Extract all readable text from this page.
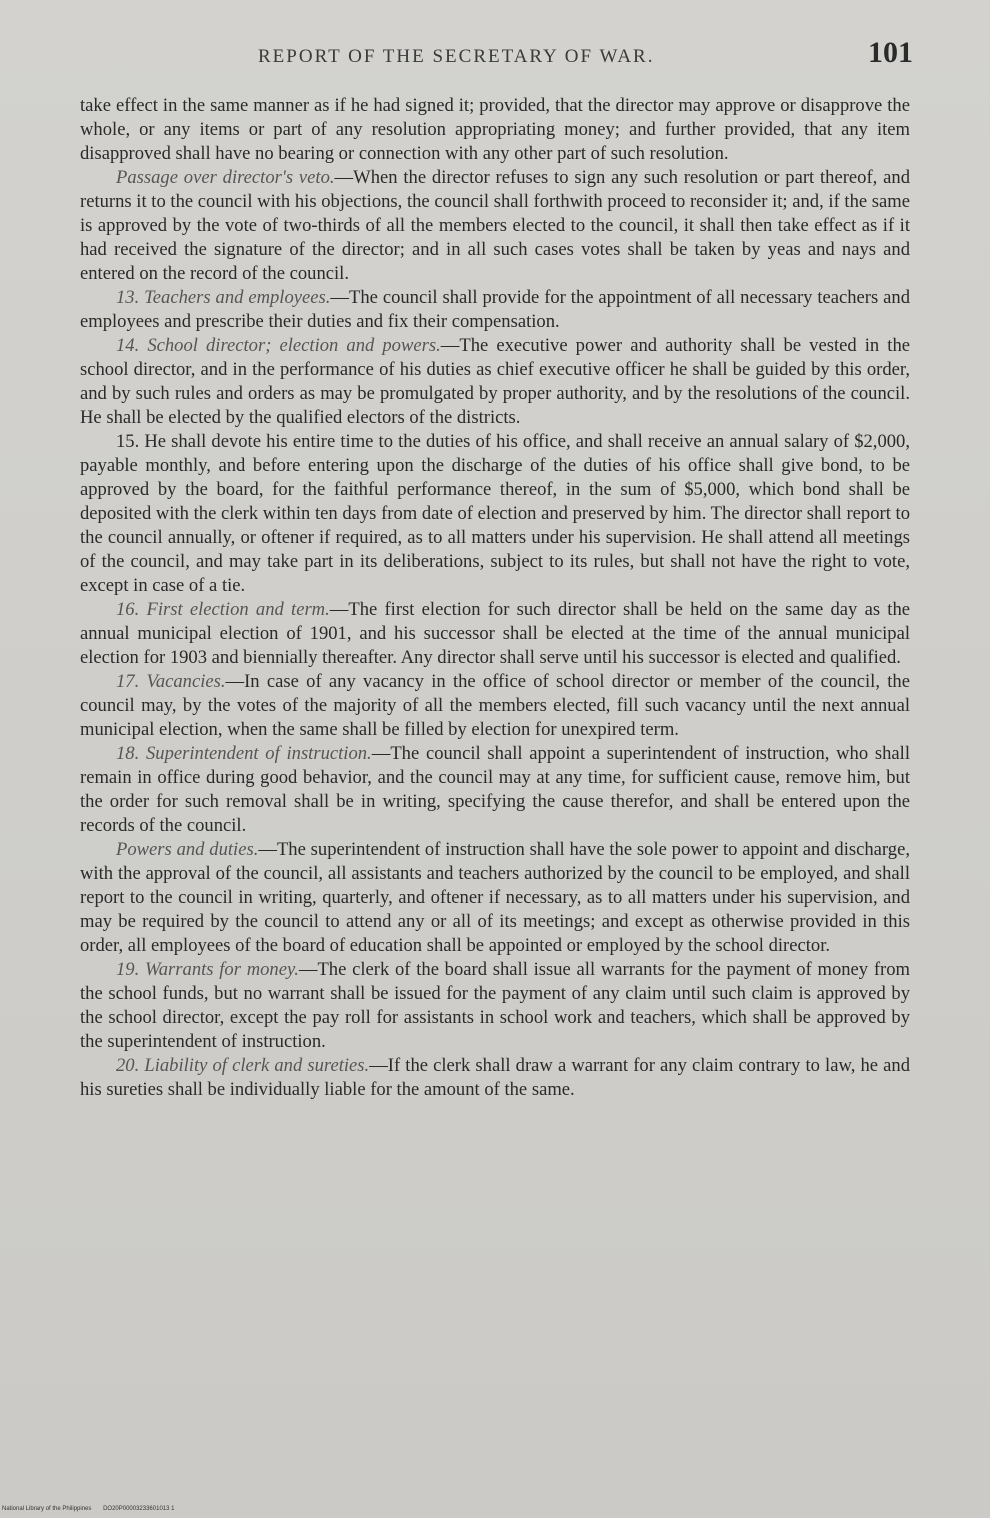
REPORT OF THE SECRETARY OF WAR.	101

take effect in the same manner as if he had signed it; provided, that the director may approve or disapprove the whole, or any items or part of any resolution appropriating money; and further provided, that any item disapproved shall have no bearing or connection with any other part of such resolution.

Passage over director's veto.—When the director refuses to sign any such resolution or part thereof, and returns it to the council with his objections, the council shall forthwith proceed to reconsider it; and, if the same is approved by the vote of two-thirds of all the members elected to the council, it shall then take effect as if it had received the signature of the director; and in all such cases votes shall be taken by yeas and nays and entered on the record of the council.

13. Teachers and employees.—The council shall provide for the appointment of all necessary teachers and employees and prescribe their duties and fix their compensation.

14. School director; election and powers.—The executive power and authority shall be vested in the school director, and in the performance of his duties as chief executive officer he shall be guided by this order, and by such rules and orders as may be promulgated by proper authority, and by the resolutions of the council. He shall be elected by the qualified electors of the districts.

15. He shall devote his entire time to the duties of his office, and shall receive an annual salary of $2,000, payable monthly, and before entering upon the discharge of the duties of his office shall give bond, to be approved by the board, for the faithful performance thereof, in the sum of $5,000, which bond shall be deposited with the clerk within ten days from date of election and preserved by him. The director shall report to the council annually, or oftener if required, as to all matters under his supervision. He shall attend all meetings of the council, and may take part in its deliberations, subject to its rules, but shall not have the right to vote, except in case of a tie.

16. First election and term.—The first election for such director shall be held on the same day as the annual municipal election of 1901, and his successor shall be elected at the time of the annual municipal election for 1903 and biennially thereafter. Any director shall serve until his successor is elected and qualified.

17. Vacancies.—In case of any vacancy in the office of school director or member of the council, the council may, by the votes of the majority of all the members elected, fill such vacancy until the next annual municipal election, when the same shall be filled by election for unexpired term.

18. Superintendent of instruction.—The council shall appoint a superintendent of instruction, who shall remain in office during good behavior, and the council may at any time, for sufficient cause, remove him, but the order for such removal shall be in writing, specifying the cause therefor, and shall be entered upon the records of the council.

Powers and duties.—The superintendent of instruction shall have the sole power to appoint and discharge, with the approval of the council, all assistants and teachers authorized by the council to be employed, and shall report to the council in writing, quarterly, and oftener if necessary, as to all matters under his supervision, and may be required by the council to attend any or all of its meetings; and except as otherwise provided in this order, all employees of the board of education shall be appointed or employed by the school director.

19. Warrants for money.—The clerk of the board shall issue all warrants for the payment of money from the school funds, but no warrant shall be issued for the payment of any claim until such claim is approved by the school director, except the pay roll for assistants in school work and teachers, which shall be approved by the superintendent of instruction.

20. Liability of clerk and sureties.—If the clerk shall draw a warrant for any claim contrary to law, he and his sureties shall be individually liable for the amount of the same.

National Library of the Philippines DO20P00003233601013 1
